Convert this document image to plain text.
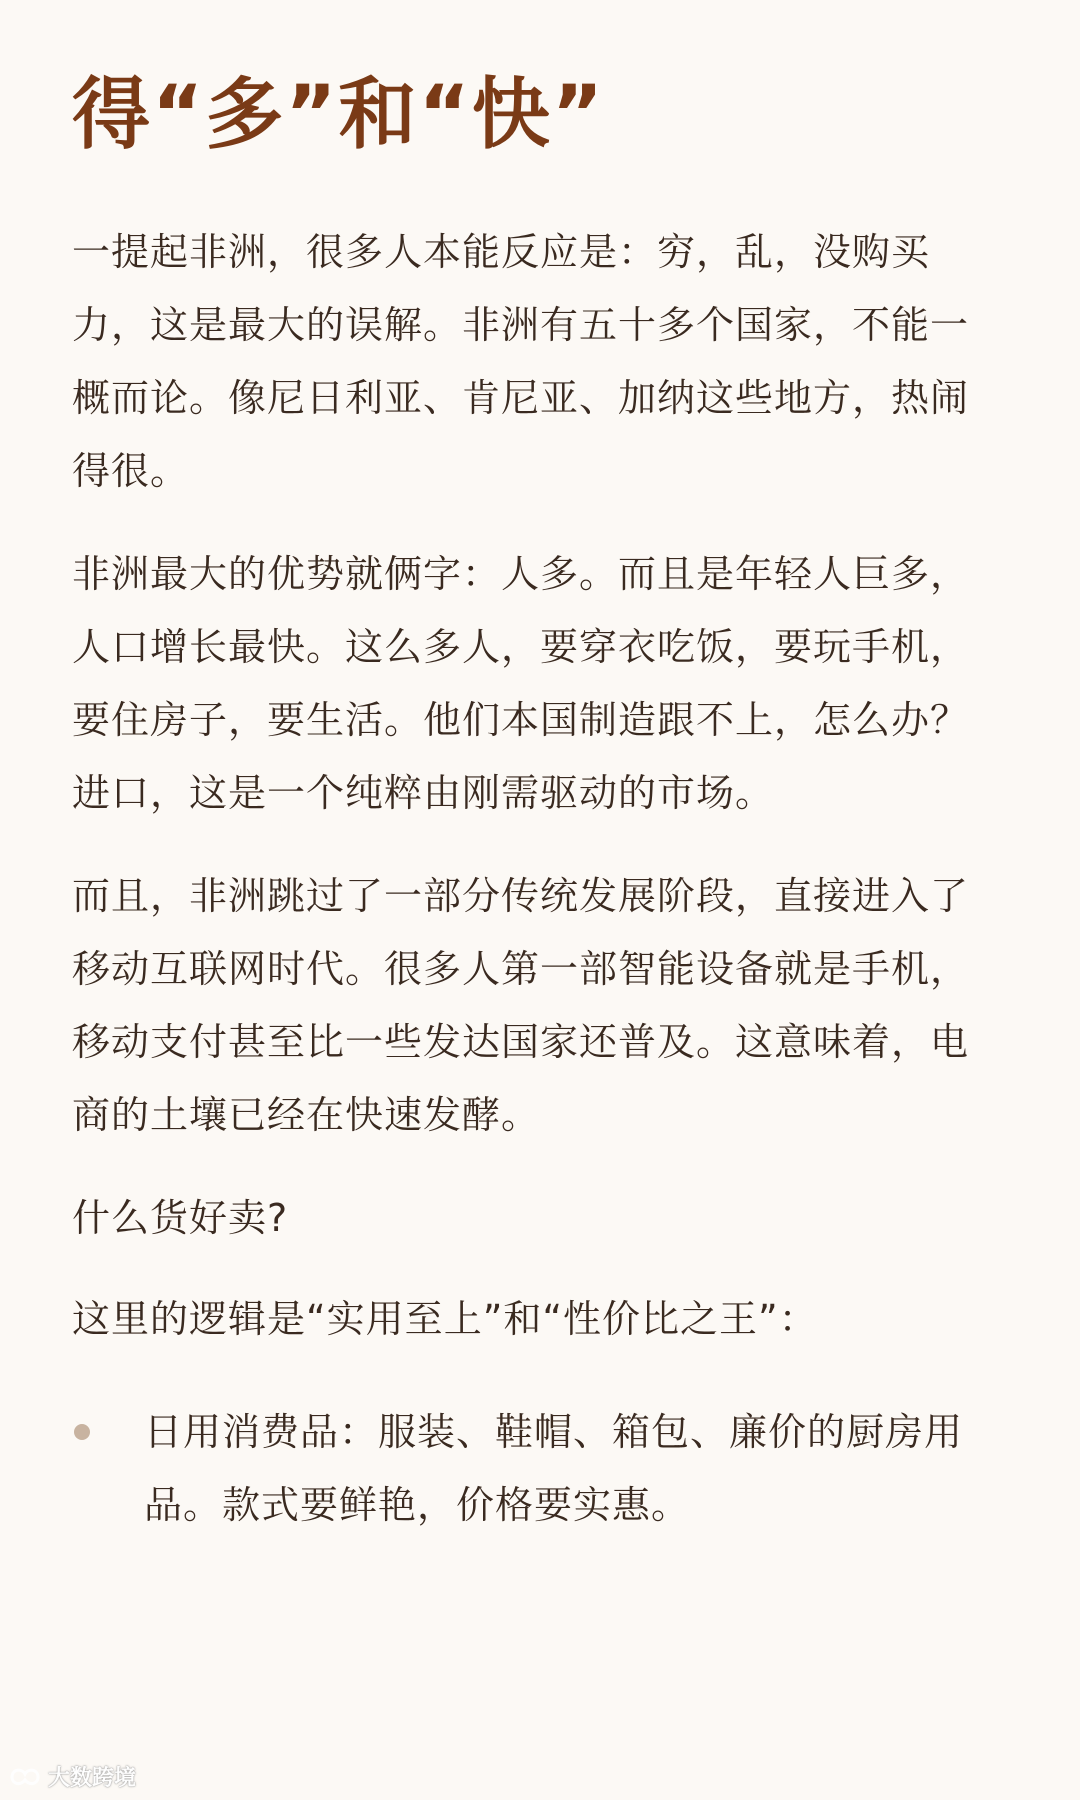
得“多”和“快”

一提起非洲，很多人本能反应是：穷，乱，没购买力，这是最大的误解。非洲有五十多个国家，不能一概而论。像尼日利亚、肯尼亚、加纳这些地方，热闹得很。

非洲最大的优势就俩字：人多。而且是年轻人巨多，人口增长最快。这么多人，要穿衣吃饭，要玩手机，要住房子，要生活。他们本国制造跟不上，怎么办？进口，这是一个纯粹由刚需驱动的市场。

而且，非洲跳过了一部分传统发展阶段，直接进入了移动互联网时代。很多人第一部智能设备就是手机，移动支付甚至比一些发达国家还普及。这意味着，电商的土壤已经在快速发酵。

什么货好卖?

这里的逻辑是“实用至上”和“性价比之王”：

日用消费品：服装、鞋帽、箱包、廉价的厨房用品。款式要鲜艳，价格要实惠。
大数跨境
